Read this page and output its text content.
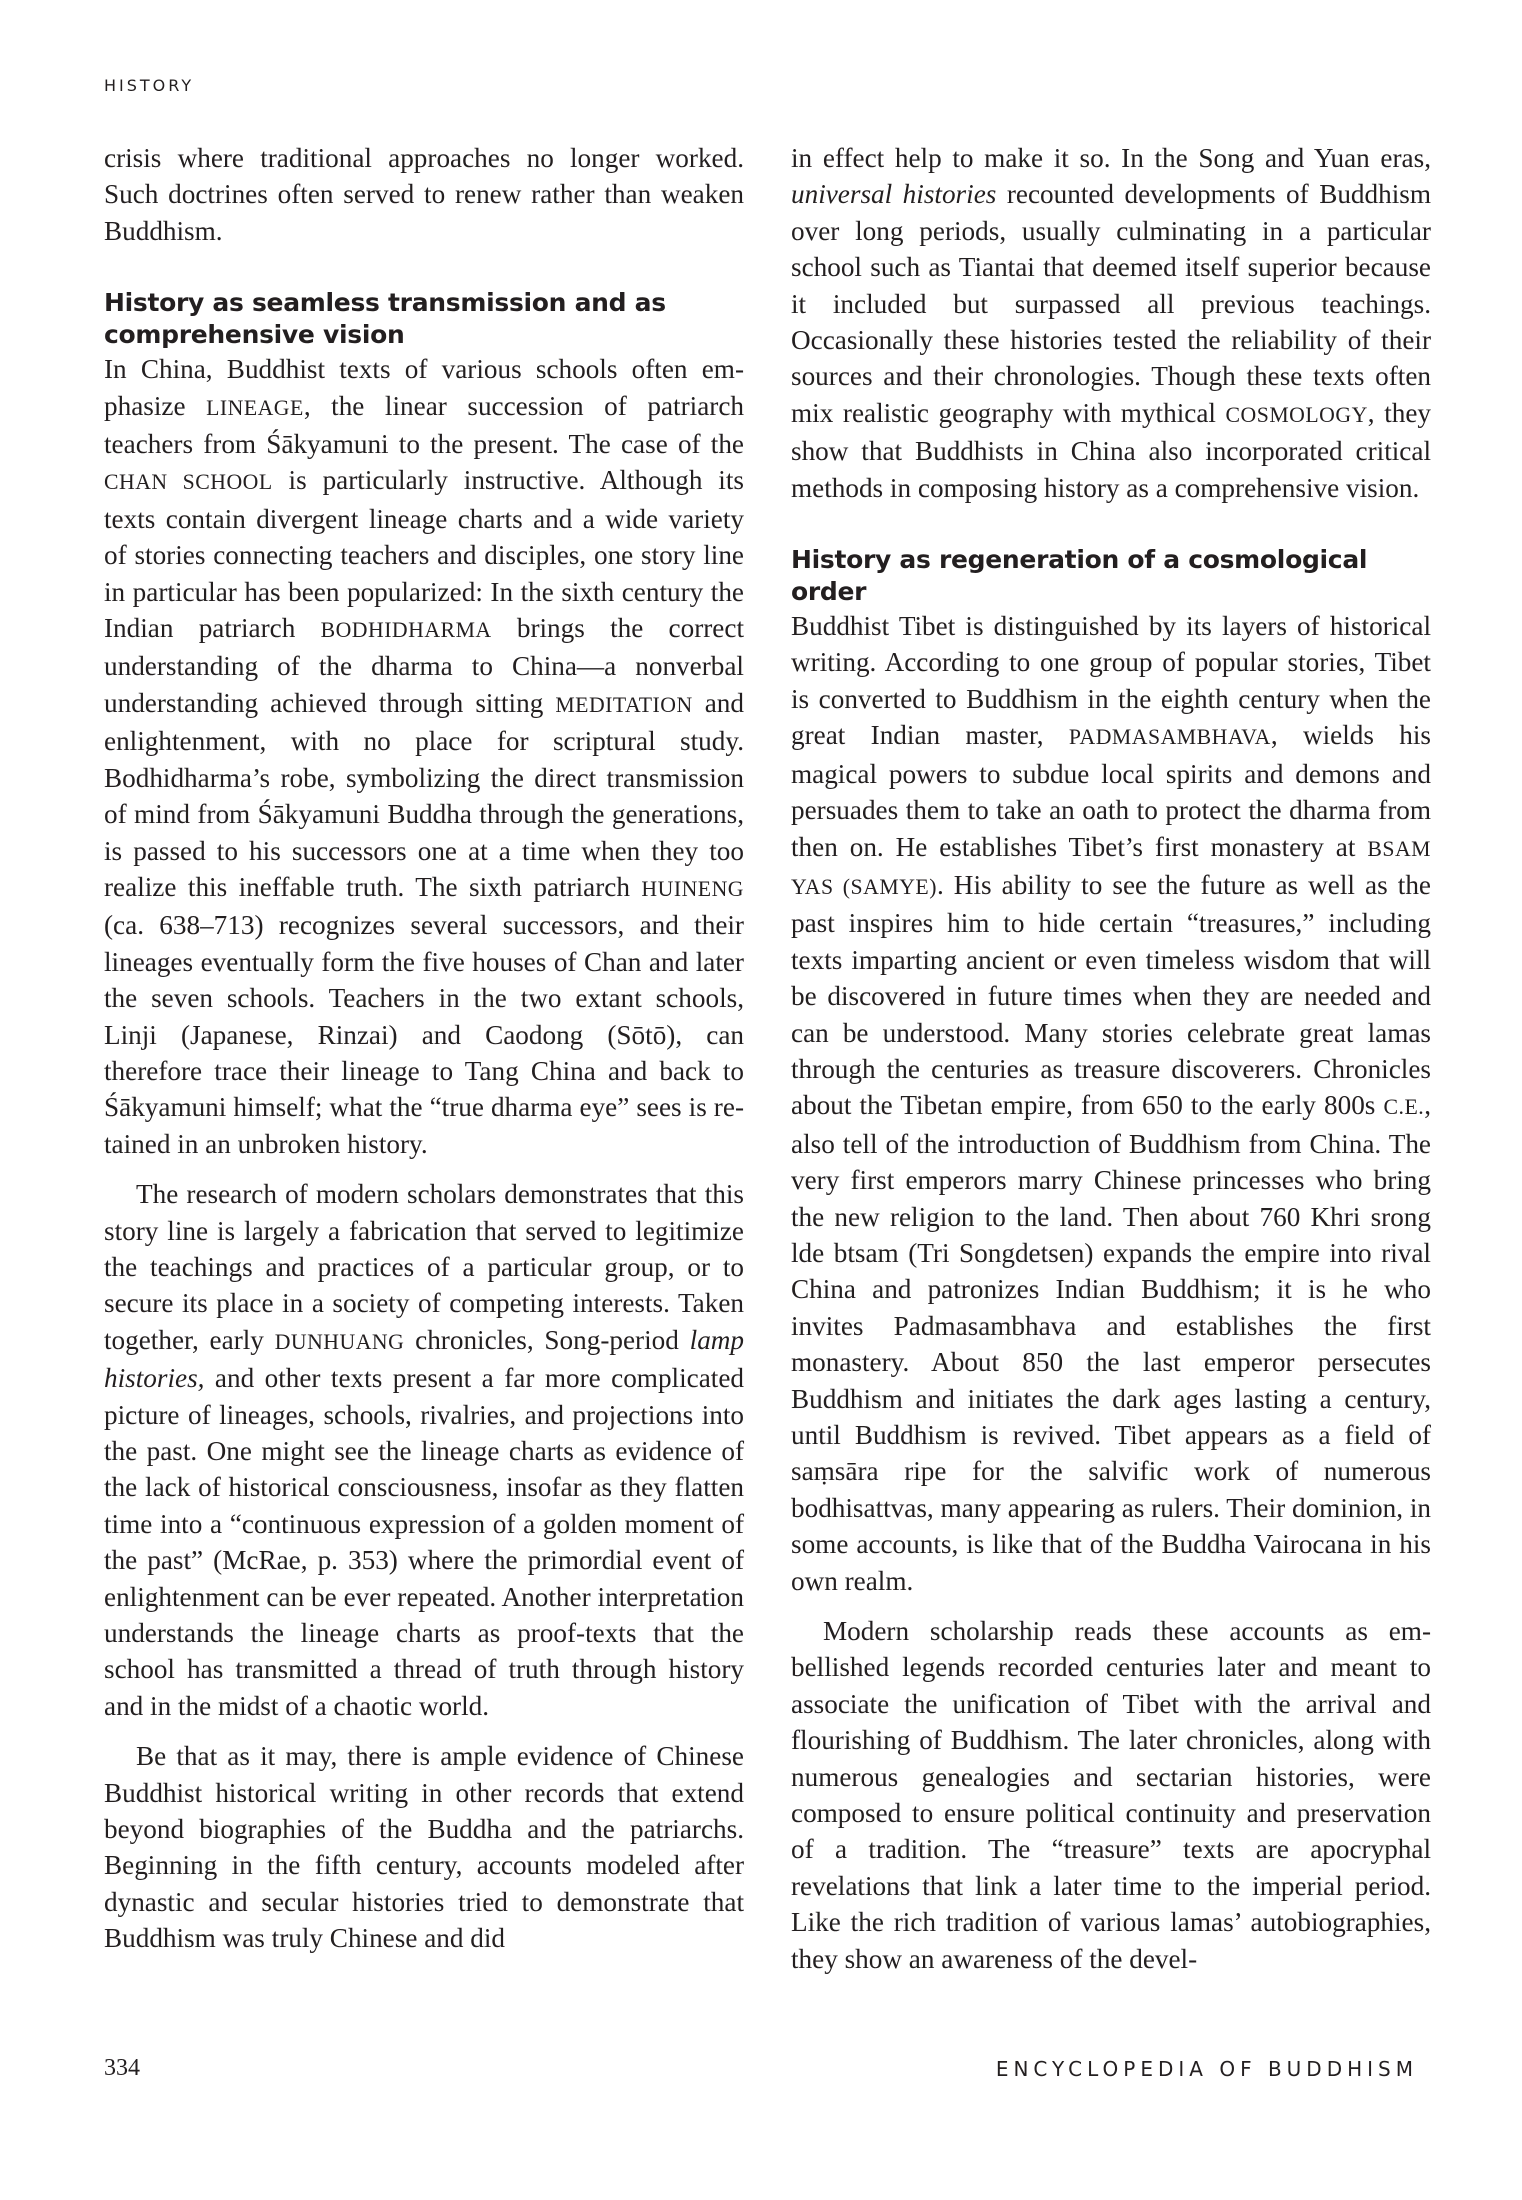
HISTORY

crisis where traditional approaches no longer worked. Such doctrines often served to renew rather than weaken Buddhism.

History as seamless transmission and as comprehensive vision

In China, Buddhist texts of various schools often emphasize LINEAGE, the linear succession of patriarch teachers from Śākyamuni to the present. The case of the CHAN SCHOOL is particularly instructive. Although its texts contain divergent lineage charts and a wide variety of stories connecting teachers and disciples, one story line in particular has been popularized: In the sixth century the Indian patriarch BODHIDHARMA brings the correct understanding of the dharma to China—a nonverbal understanding achieved through sitting MEDITATION and enlightenment, with no place for scriptural study. Bodhidharma’s robe, symbolizing the direct transmission of mind from Śākyamuni Buddha through the generations, is passed to his successors one at a time when they too realize this ineffable truth. The sixth patriarch HUINENG (ca. 638–713) recognizes several successors, and their lineages eventually form the five houses of Chan and later the seven schools. Teachers in the two extant schools, Linji (Japanese, Rinzai) and Caodong (Sōtō), can therefore trace their lineage to Tang China and back to Śākyamuni himself; what the “true dharma eye” sees is retained in an unbroken history.

The research of modern scholars demonstrates that this story line is largely a fabrication that served to legitimize the teachings and practices of a particular group, or to secure its place in a society of competing interests. Taken together, early DUNHUANG chronicles, Song-period lamp histories, and other texts present a far more complicated picture of lineages, schools, rivalries, and projections into the past. One might see the lineage charts as evidence of the lack of historical consciousness, insofar as they flatten time into a “continuous expression of a golden moment of the past” (McRae, p. 353) where the primordial event of enlightenment can be ever repeated. Another interpretation understands the lineage charts as proof-texts that the school has transmitted a thread of truth through history and in the midst of a chaotic world.

Be that as it may, there is ample evidence of Chinese Buddhist historical writing in other records that extend beyond biographies of the Buddha and the patriarchs. Beginning in the fifth century, accounts modeled after dynastic and secular histories tried to demonstrate that Buddhism was truly Chinese and did

in effect help to make it so. In the Song and Yuan eras, universal histories recounted developments of Buddhism over long periods, usually culminating in a particular school such as Tiantai that deemed itself superior because it included but surpassed all previous teachings. Occasionally these histories tested the reliability of their sources and their chronologies. Though these texts often mix realistic geography with mythical COSMOLOGY, they show that Buddhists in China also incorporated critical methods in composing history as a comprehensive vision.

History as regeneration of a cosmological order

Buddhist Tibet is distinguished by its layers of historical writing. According to one group of popular stories, Tibet is converted to Buddhism in the eighth century when the great Indian master, PADMASAMBHAVA, wields his magical powers to subdue local spirits and demons and persuades them to take an oath to protect the dharma from then on. He establishes Tibet’s first monastery at BSAM YAS (SAMYE). His ability to see the future as well as the past inspires him to hide certain “treasures,” including texts imparting ancient or even timeless wisdom that will be discovered in future times when they are needed and can be understood. Many stories celebrate great lamas through the centuries as treasure discoverers. Chronicles about the Tibetan empire, from 650 to the early 800s C.E., also tell of the introduction of Buddhism from China. The very first emperors marry Chinese princesses who bring the new religion to the land. Then about 760 Khri srong lde btsam (Tri Songdetsen) expands the empire into rival China and patronizes Indian Buddhism; it is he who invites Padmasambhava and establishes the first monastery. About 850 the last emperor persecutes Buddhism and initiates the dark ages lasting a century, until Buddhism is revived. Tibet appears as a field of saṃsāra ripe for the salvific work of numerous bodhisattvas, many appearing as rulers. Their dominion, in some accounts, is like that of the Buddha Vairocana in his own realm.

Modern scholarship reads these accounts as embellished legends recorded centuries later and meant to associate the unification of Tibet with the arrival and flourishing of Buddhism. The later chronicles, along with numerous genealogies and sectarian histories, were composed to ensure political continuity and preservation of a tradition. The “treasure” texts are apocryphal revelations that link a later time to the imperial period. Like the rich tradition of various lamas’ autobiographies, they show an awareness of the devel-

334	ENCYCLOPEDIA OF BUDDHISM
